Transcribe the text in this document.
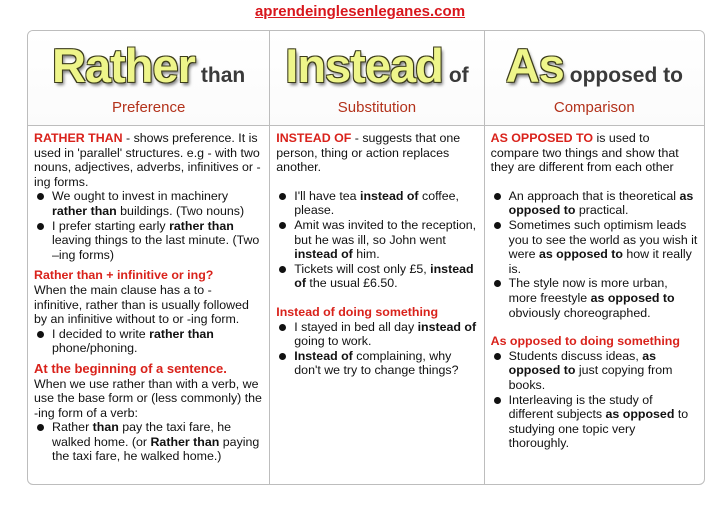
aprendeinglesenleganes.com
Rather than
Preference

RATHER THAN - shows preference. It is used in 'parallel' structures. e.g - with two nouns, adjectives, adverbs, infinitives or -ing forms.

We ought to invest in machinery rather than buildings. (Two nouns)
I prefer starting early rather than leaving things to the last minute. (Two –ing forms)

Rather than + infinitive or ing?

When the main clause has a to - infinitive, rather than is usually followed by an infinitive without to or -ing form.

I decided to write rather than phone/phoning.

At the beginning of a sentence.

When we use rather than with a verb, we use the base form or (less commonly) the -ing form of a verb:

Rather than pay the taxi fare, he walked home. (or Rather than paying the taxi fare, he walked home.)
Instead of
Substitution

INSTEAD OF - suggests that one person, thing or action replaces another.

I'll have tea instead of coffee, please.
Amit was invited to the reception, but he was ill, so John went instead of him.
Tickets will cost only £5, instead of the usual £6.50.

Instead of doing something

I stayed in bed all day instead of going to work.
Instead of complaining, why don't we try to change things?
As opposed to
Comparison

AS OPPOSED TO is used to compare two things and show that they are different from each other

An approach that is theoretical as opposed to practical.
Sometimes such optimism leads you to see the world as you wish it were as opposed to how it really is.
The style now is more urban, more freestyle as opposed to obviously choreographed.

As opposed to doing something

Students discuss ideas, as opposed to just copying from books.
Interleaving is the study of different subjects as opposed to studying one topic very thoroughly.
